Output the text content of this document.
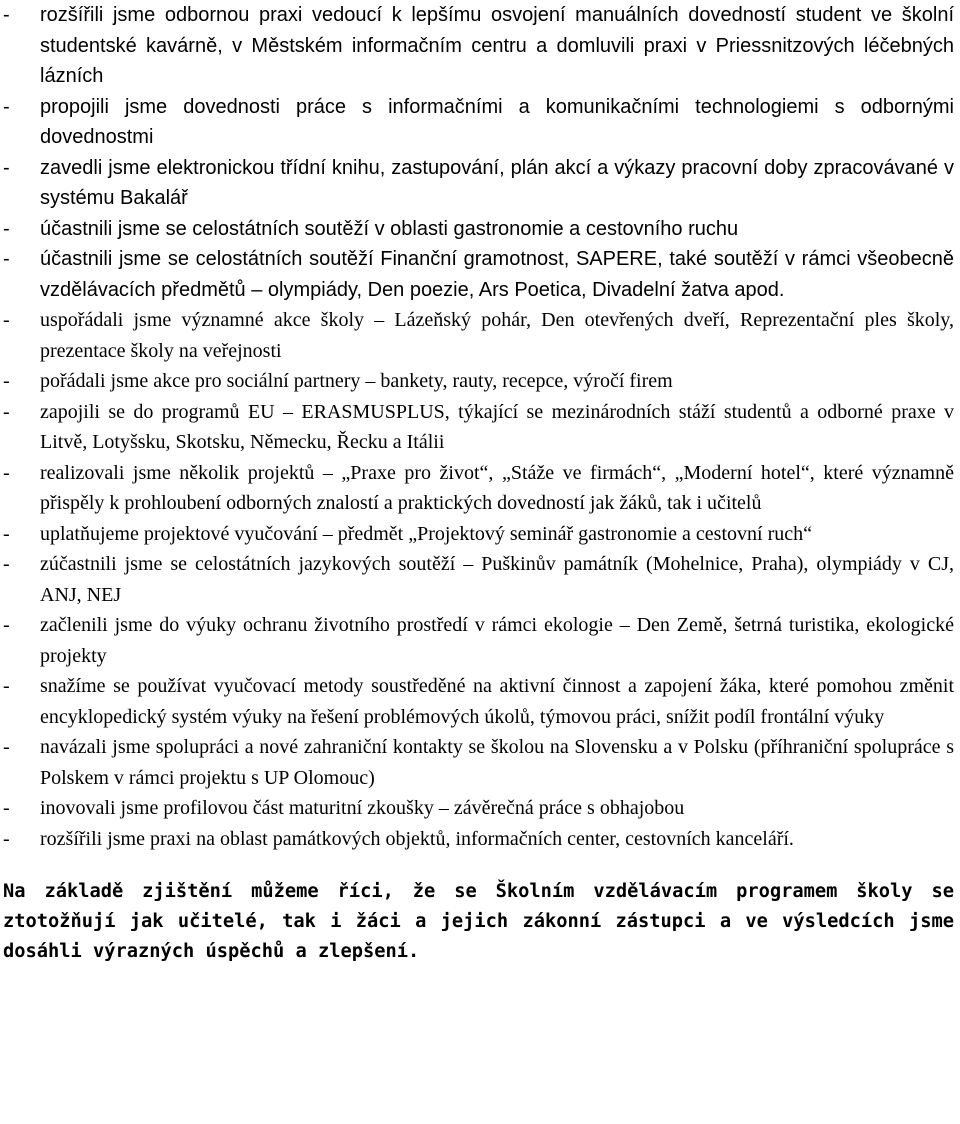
- rozšířili jsme odbornou praxi vedoucí k lepšímu osvojení manuálních dovedností student ve školní studentské kavárně, v Městském informačním centru a domluvili praxi v Priessnitzových léčebných lázních
- propojili jsme dovednosti práce s informačními a komunikačními technologiemi s odbornými dovednostmi
- zavedli jsme elektronickou třídní knihu, zastupování, plán akcí a výkazy pracovní doby zpracovávané v systému Bakalář
- účastnili jsme se celostátních soutěží v oblasti gastronomie a cestovního ruchu
- účastnili jsme se celostátních soutěží Finanční gramotnost, SAPERE, také soutěží v rámci všeobecně vzdělávacích předmětů – olympiády, Den poezie, Ars Poetica, Divadelní žatva apod.
- uspořádali jsme významné akce školy – Lázeňský pohár, Den otevřených dveří, Reprezentační ples školy, prezentace školy na veřejnosti
- pořádali jsme akce pro sociální partnery – bankety, rauty, recepce, výročí firem
- zapojili se do programů EU – ERASMUSPLUS, týkající se mezinárodních stáží studentů a odborné praxe v Litvě, Lotyšsku, Skotsku, Německu, Řecku a Itálii
- realizovali jsme několik projektů – „Praxe pro život“, „Stáže ve firmách“, „Moderní hotel“, které významně přispěly k prohloubení odborných znalostí a praktických dovedností jak žáků, tak i učitelů
- uplatňujeme projektové vyučování – předmět „Projektový seminář gastronomie a cestovní ruch“
- zúčastnili jsme se celostátních jazykových soutěží – Puškinův památník (Mohelnice, Praha), olympiády v CJ, ANJ, NEJ
- začlenili jsme do výuky ochranu životního prostředí v rámci ekologie – Den Země, šetrná turistika, ekologické projekty
- snažíme se používat vyučovací metody soustředěné na aktivní činnost a zapojení žáka, které pomohou změnit encyklopedický systém výuky na řešení problémových úkolů, týmovou práci, snížit podíl frontální výuky
- navázali jsme spolupráci a nové zahraniční kontakty se školou na Slovensku a v Polsku (příhraniční spolupráce s Polskem v rámci projektu s UP Olomouc)
- inovovali jsme profilovou část maturitní zkoušky – závěrečná práce s obhajobou
- rozšířili jsme praxi na oblast památkových objektů, informačních center, cestovních kanceláří.

Na základě zjištění můžeme říci, že se Školním vzdělávacím programem školy se ztotožňují jak učitelé, tak i žáci a jejich zákonní zástupci a ve výsledcích jsme dosáhli výrazných úspěchů a zlepšení.
